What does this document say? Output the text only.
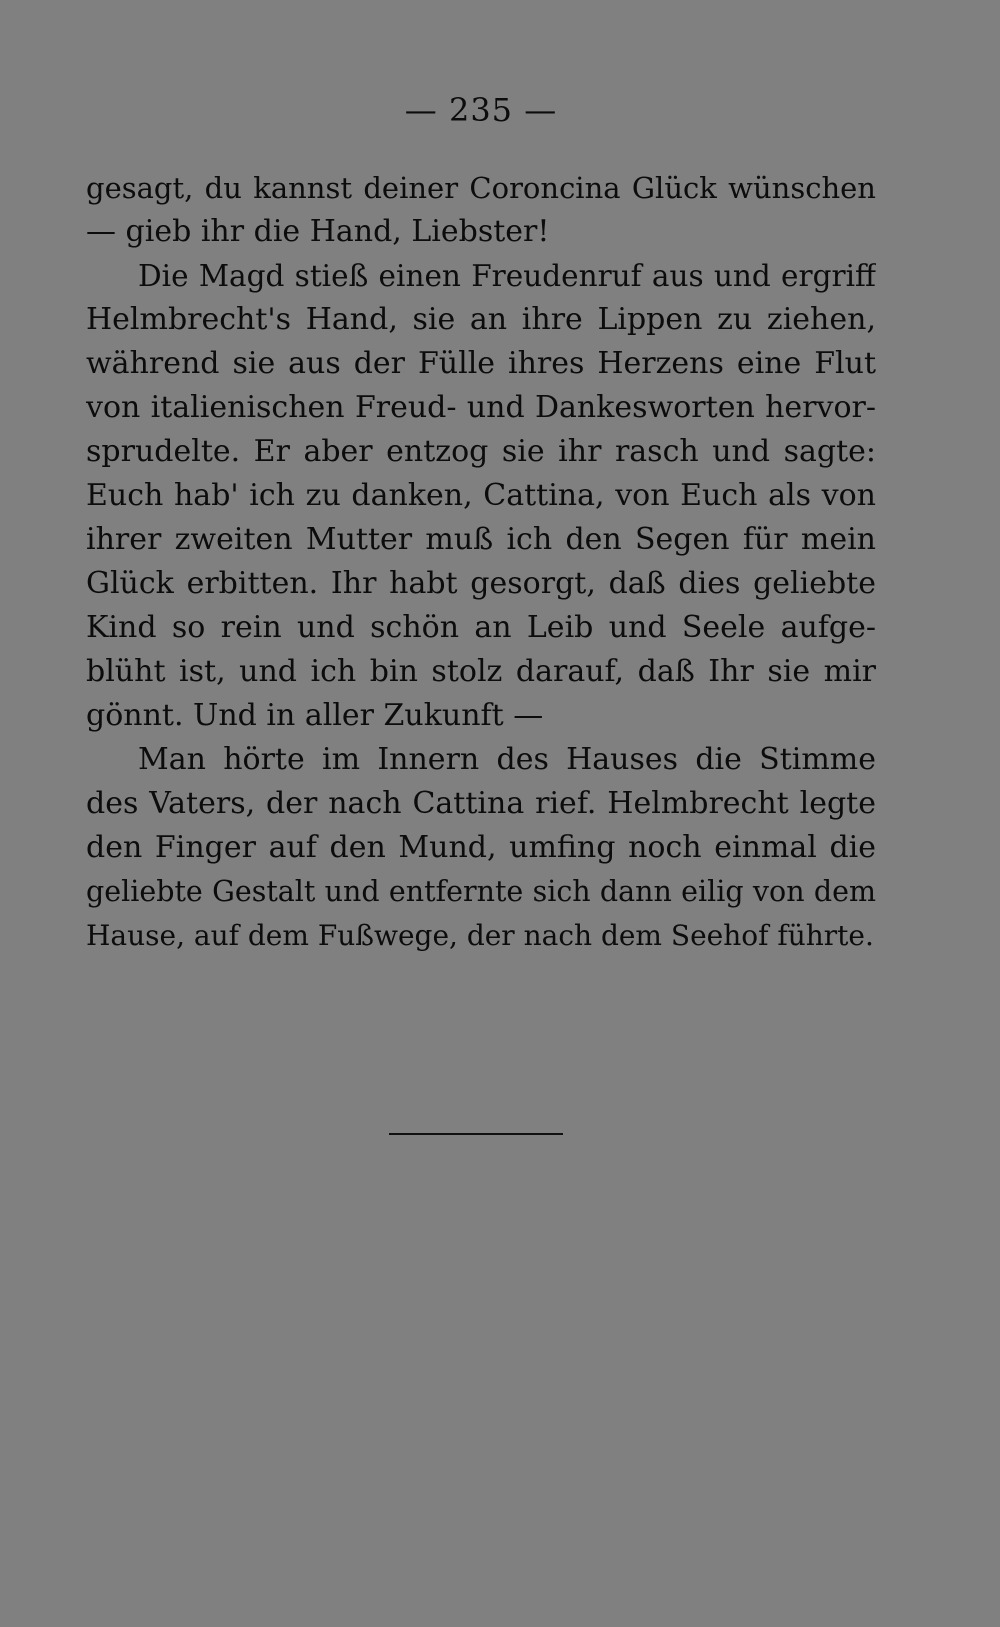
— 235 —
gesagt, du kannst deiner Coroncina Glück wünschen
— gieb ihr die Hand, Liebster!
Die Magd stieß einen Freudenruf aus und ergriff
Helmbrecht's Hand, sie an ihre Lippen zu ziehen,
während sie aus der Fülle ihres Herzens eine Flut
von italienischen Freud- und Dankesworten hervor-
sprudelte. Er aber entzog sie ihr rasch und sagte:
Euch hab' ich zu danken, Cattina, von Euch als von
ihrer zweiten Mutter muß ich den Segen für mein
Glück erbitten. Ihr habt gesorgt, daß dies geliebte
Kind so rein und schön an Leib und Seele aufge-
blüht ist, und ich bin stolz darauf, daß Ihr sie mir
gönnt. Und in aller Zukunft —
Man hörte im Innern des Hauses die Stimme
des Vaters, der nach Cattina rief. Helmbrecht legte
den Finger auf den Mund, umfing noch einmal die
geliebte Gestalt und entfernte sich dann eilig von dem
Hause, auf dem Fußwege, der nach dem Seehof führte.
